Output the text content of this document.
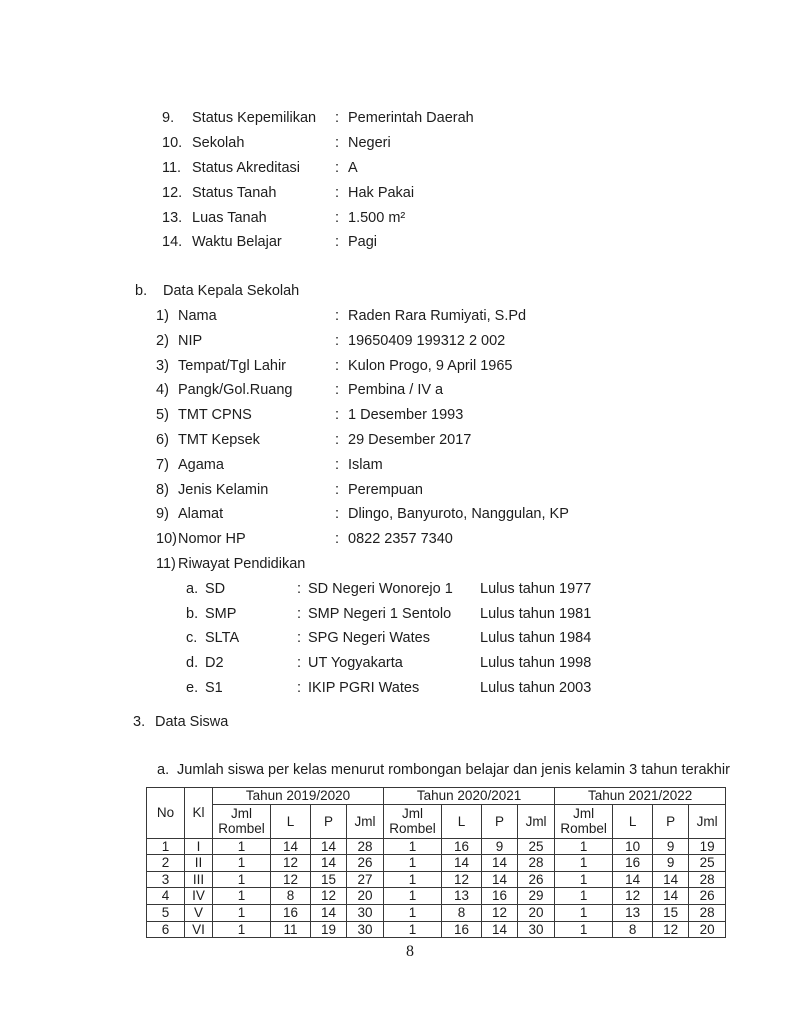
9.	Status Kepemilikan	: Pemerintah Daerah
10. Sekolah	: Negeri
11. Status Akreditasi	: A
12. Status Tanah	: Hak Pakai
13. Luas Tanah	: 1.500 m²
14. Waktu Belajar	: Pagi
b.	Data Kepala Sekolah
1) Nama	: Raden Rara Rumiyati, S.Pd
2) NIP	: 19650409 199312 2 002
3) Tempat/Tgl Lahir	: Kulon Progo, 9 April 1965
4) Pangk/Gol.Ruang	: Pembina / IV a
5) TMT CPNS	: 1 Desember 1993
6) TMT Kepsek	: 29 Desember 2017
7) Agama	: Islam
8) Jenis Kelamin	: Perempuan
9) Alamat	: Dlingo, Banyuroto, Nanggulan, KP
10) Nomor HP	: 0822 2357 7340
11) Riwayat Pendidikan
a. SD	: SD Negeri Wonorejo 1	Lulus tahun 1977
b. SMP	: SMP Negeri 1 Sentolo	Lulus tahun 1981
c. SLTA	: SPG Negeri Wates	Lulus tahun 1984
d. D2	: UT Yogyakarta	Lulus tahun 1998
e. S1	: IKIP PGRI Wates	Lulus tahun 2003
3. Data Siswa
a. Jumlah siswa per kelas menurut rombongan belajar dan jenis kelamin 3 tahun terakhir
No	Kl	Tahun 2019/2020				Tahun 2020/2021				Tahun 2021/2022			
		Jml Rombel	L	P	Jml	Jml Rombel	L	P	Jml	Jml Rombel	L	P	Jml
1	I	1	14	14	28	1	16	9	25	1	10	9	19
2	II	1	12	14	26	1	14	14	28	1	16	9	25
3	III	1	12	15	27	1	12	14	26	1	14	14	28
4	IV	1	8	12	20	1	13	16	29	1	12	14	26
5	V	1	16	14	30	1	8	12	20	1	13	15	28
6	VI	1	11	19	30	1	16	14	30	1	8	12	20
8
